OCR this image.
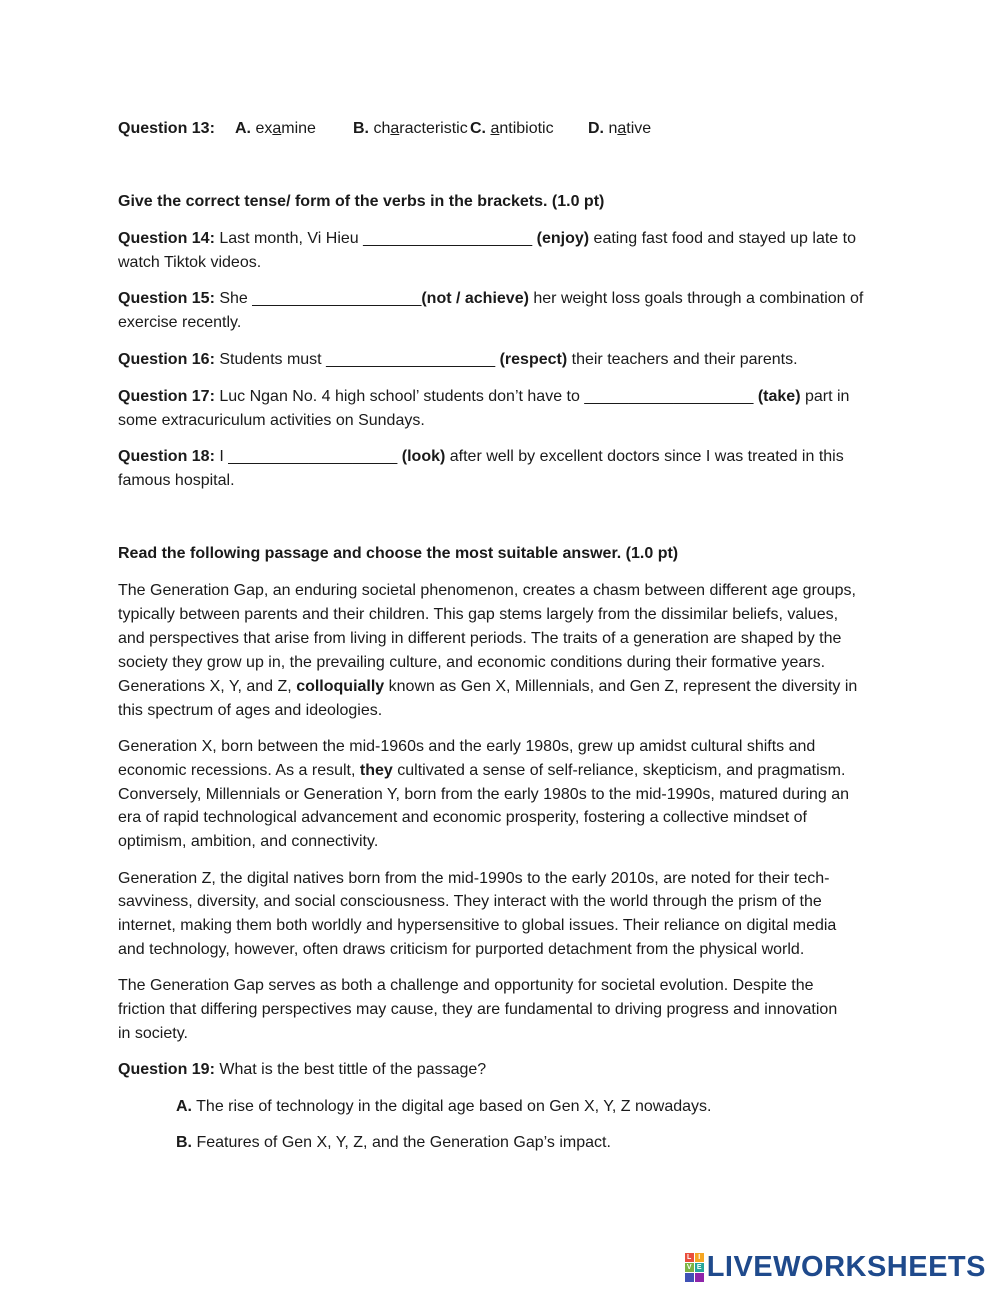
Question 13: A. examine B. characteristic C. antibiotic D. native
Give the correct tense/ form of the verbs in the brackets. (1.0 pt)
Question 14: Last month, Vi Hieu ___________________ (enjoy) eating fast food and stayed up late to
watch Tiktok videos.
Question 15: She ___________________(not / achieve) her weight loss goals through a combination of
exercise recently.
Question 16: Students must ___________________ (respect) their teachers and their parents.
Question 17: Luc Ngan No. 4 high school’ students don’t have to ___________________ (take) part in
some extracuriculum activities on Sundays.
Question 18: I ___________________ (look) after well by excellent doctors since I was treated in this
famous hospital.
Read the following passage and choose the most suitable answer. (1.0 pt)
The Generation Gap, an enduring societal phenomenon, creates a chasm between different age groups,
typically between parents and their children. This gap stems largely from the dissimilar beliefs, values,
and perspectives that arise from living in different periods. The traits of a generation are shaped by the
society they grow up in, the prevailing culture, and economic conditions during their formative years.
Generations X, Y, and Z, colloquially known as Gen X, Millennials, and Gen Z, represent the diversity in
this spectrum of ages and ideologies.
Generation X, born between the mid-1960s and the early 1980s, grew up amidst cultural shifts and
economic recessions. As a result, they cultivated a sense of self-reliance, skepticism, and pragmatism.
Conversely, Millennials or Generation Y, born from the early 1980s to the mid-1990s, matured during an
era of rapid technological advancement and economic prosperity, fostering a collective mindset of
optimism, ambition, and connectivity.
Generation Z, the digital natives born from the mid-1990s to the early 2010s, are noted for their tech-
savviness, diversity, and social consciousness. They interact with the world through the prism of the
internet, making them both worldly and hypersensitive to global issues. Their reliance on digital media
and technology, however, often draws criticism for purported detachment from the physical world.
The Generation Gap serves as both a challenge and opportunity for societal evolution. Despite the
friction that differing perspectives may cause, they are fundamental to driving progress and innovation
in society.
Question 19: What is the best tittle of the passage?
A. The rise of technology in the digital age based on Gen X, Y, Z nowadays.
B. Features of Gen X, Y, Z, and the Generation Gap’s impact.
L I
V E LIVEWORKSHEETS
